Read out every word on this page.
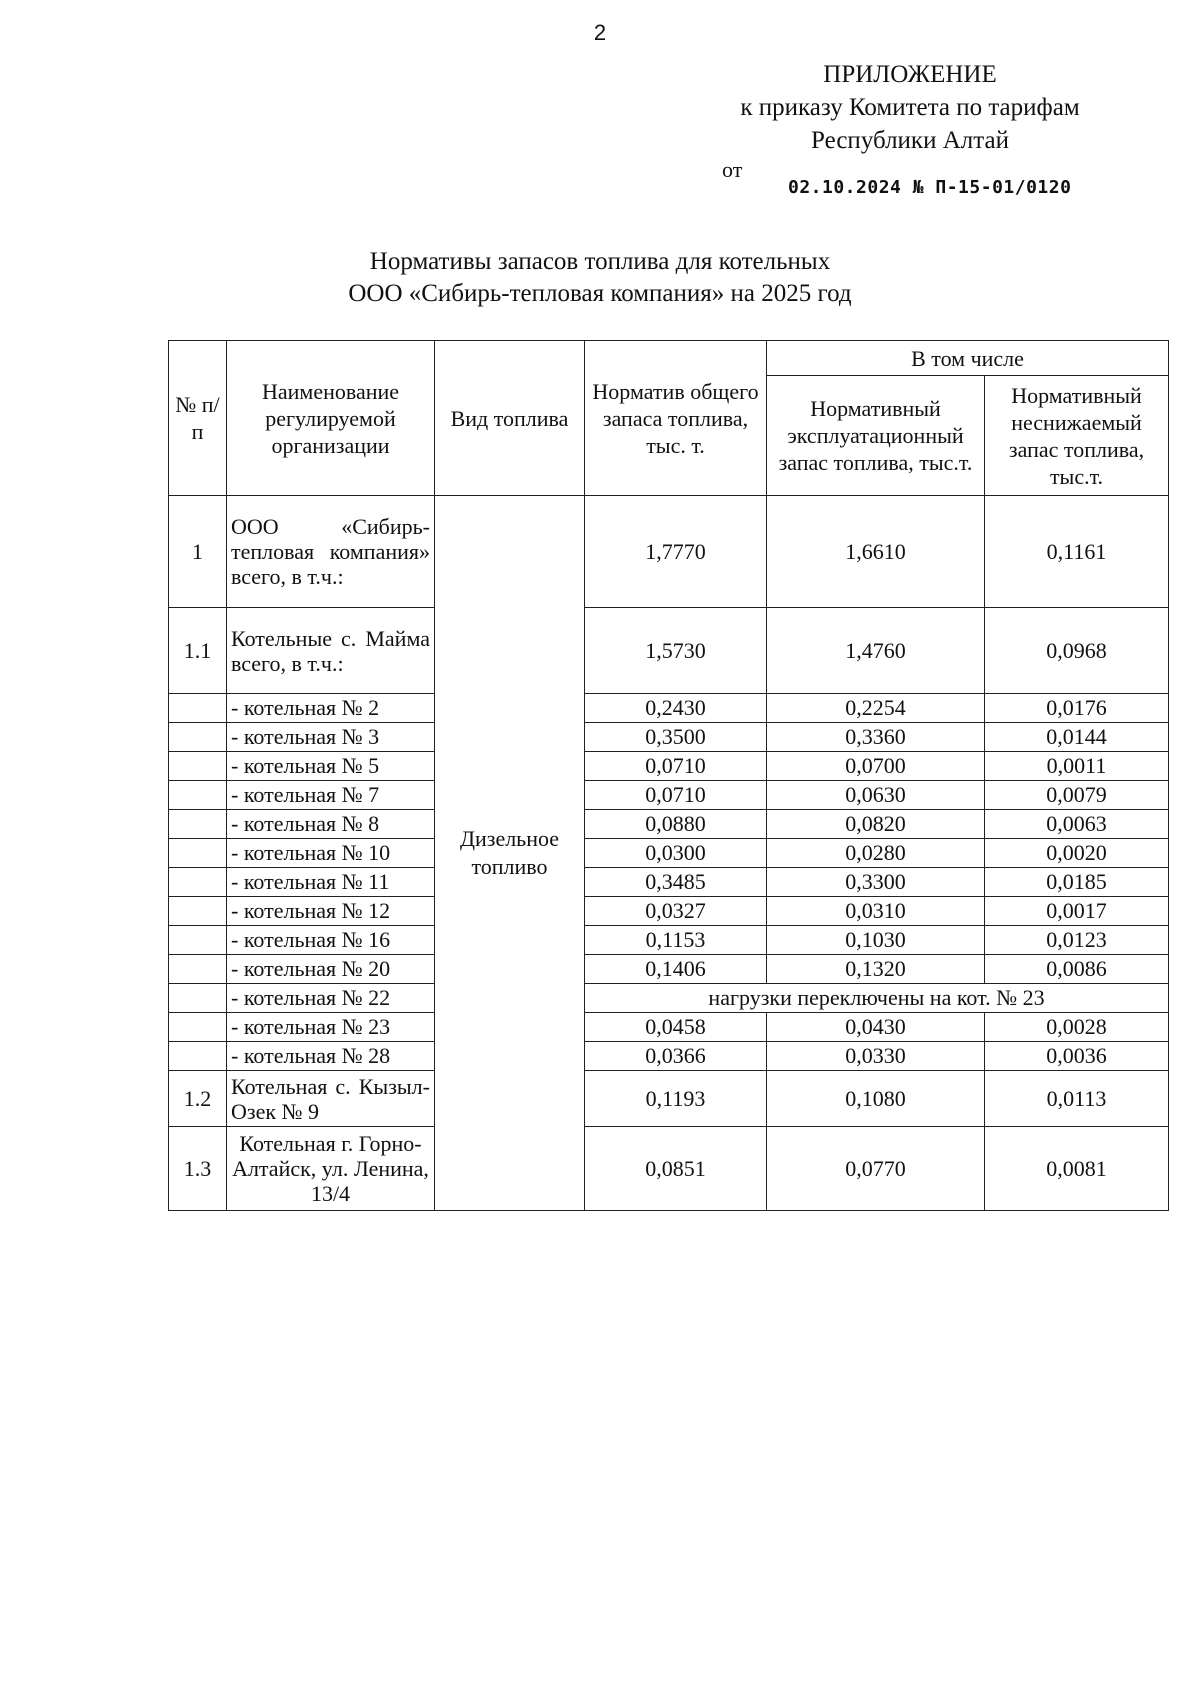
2
ПРИЛОЖЕНИЕ
к приказу Комитета по тарифам
Республики Алтай
от
02.10.2024 № П-15-01/0120
Нормативы запасов топлива для котельных
ООО «Сибирь-тепловая компания» на 2025 год
№ п/п	Наименование регулируемой организации	Вид топлива	Норматив общего запаса топлива, тыс. т.	В том числе	
				Нормативный эксплуатационный запас топлива, тыс.т.	Нормативный неснижаемый запас топлива, тыс.т.
1	ООО «Сибирь-тепловая компания» всего, в т.ч.:	Дизельное топливо	1,7770	1,6610	0,1161
1.1	Котельные с. Майма всего, в т.ч.:		1,5730	1,4760	0,0968
	- котельная № 2		0,2430	0,2254	0,0176
	- котельная № 3		0,3500	0,3360	0,0144
	- котельная № 5		0,0710	0,0700	0,0011
	- котельная № 7		0,0710	0,0630	0,0079
	- котельная № 8		0,0880	0,0820	0,0063
	- котельная № 10		0,0300	0,0280	0,0020
	- котельная № 11		0,3485	0,3300	0,0185
	- котельная № 12		0,0327	0,0310	0,0017
	- котельная № 16		0,1153	0,1030	0,0123
	- котельная № 20		0,1406	0,1320	0,0086
	- котельная № 22		нагрузки переключены на кот. № 23		
	- котельная № 23		0,0458	0,0430	0,0028
	- котельная № 28		0,0366	0,0330	0,0036
1.2	Котельная с. Кызыл-Озек № 9		0,1193	0,1080	0,0113
1.3	Котельная г. Горно-Алтайск, ул. Ленина, 13/4		0,0851	0,0770	0,0081
